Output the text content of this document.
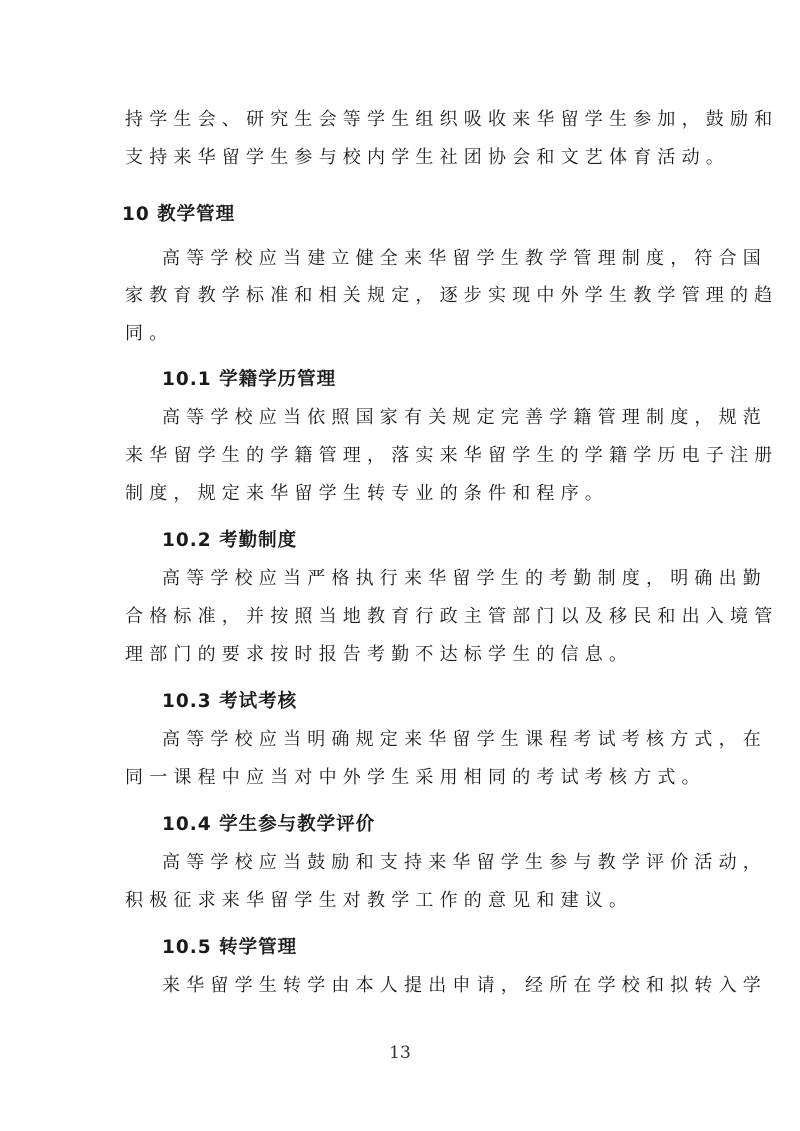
持学生会、研究生会等学生组织吸收来华留学生参加，鼓励和
支持来华留学生参与校内学生社团协会和文艺体育活动。
10 教学管理
高等学校应当建立健全来华留学生教学管理制度，符合国
家教育教学标准和相关规定，逐步实现中外学生教学管理的趋
同。
10.1 学籍学历管理
高等学校应当依照国家有关规定完善学籍管理制度，规范
来华留学生的学籍管理，落实来华留学生的学籍学历电子注册
制度，规定来华留学生转专业的条件和程序。
10.2 考勤制度
高等学校应当严格执行来华留学生的考勤制度，明确出勤
合格标准，并按照当地教育行政主管部门以及移民和出入境管
理部门的要求按时报告考勤不达标学生的信息。
10.3 考试考核
高等学校应当明确规定来华留学生课程考试考核方式，在
同一课程中应当对中外学生采用相同的考试考核方式。
10.4 学生参与教学评价
高等学校应当鼓励和支持来华留学生参与教学评价活动，
积极征求来华留学生对教学工作的意见和建议。
10.5 转学管理
来华留学生转学由本人提出申请，经所在学校和拟转入学
13
